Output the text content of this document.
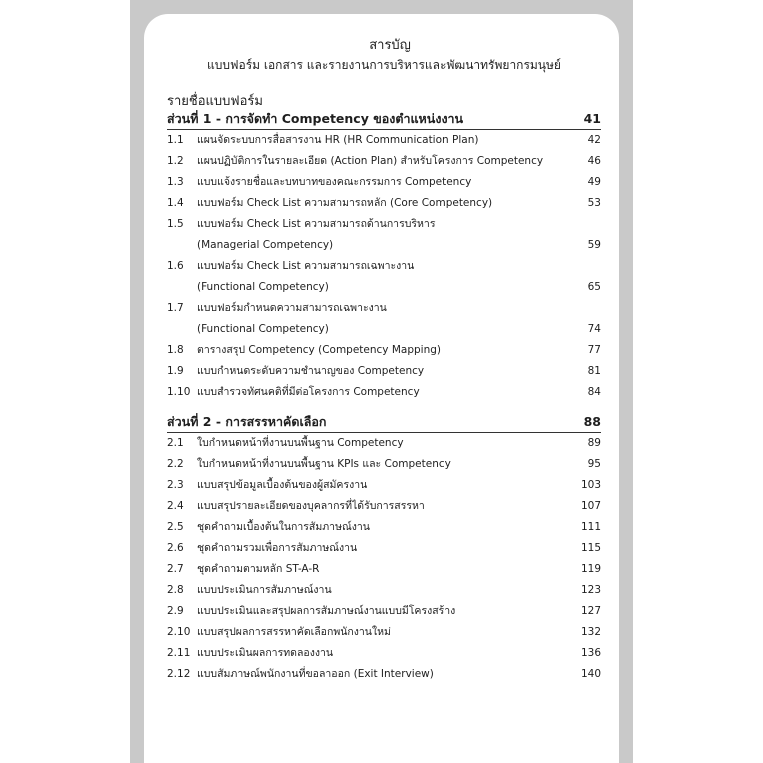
สารบัญ
แบบฟอร์ม เอกสาร และรายงานการบริหารและพัฒนาทรัพยากรมนุษย์
รายชื่อแบบฟอร์ม
ส่วนที่ 1 - การจัดทำ Competency ของตำแหน่งงาน	41
1.1	แผนจัดระบบการสื่อสารงาน HR (HR Communication Plan)	42
1.2	แผนปฏิบัติการในรายละเอียด (Action Plan) สำหรับโครงการ Competency	46
1.3	แบบแจ้งรายชื่อและบทบาทของคณะกรรมการ Competency	49
1.4	แบบฟอร์ม Check List ความสามารถหลัก (Core Competency)	53
1.5	แบบฟอร์ม Check List ความสามารถด้านการบริหาร
(Managerial Competency)	59
1.6	แบบฟอร์ม Check List ความสามารถเฉพาะงาน
(Functional Competency)	65
1.7	แบบฟอร์มกำหนดความสามารถเฉพาะงาน
(Functional Competency)	74
1.8	ตารางสรุป Competency (Competency Mapping)	77
1.9	แบบกำหนดระดับความชำนาญของ Competency	81
1.10 แบบสำรวจทัศนคติที่มีต่อโครงการ Competency	84
ส่วนที่ 2 - การสรรหาคัดเลือก	88
2.1	ใบกำหนดหน้าที่งานบนพื้นฐาน Competency	89
2.2	ใบกำหนดหน้าที่งานบนพื้นฐาน KPIs และ Competency	95
2.3	แบบสรุปข้อมูลเบื้องต้นของผู้สมัครงาน	103
2.4	แบบสรุปรายละเอียดของบุคลากรที่ได้รับการสรรหา	107
2.5	ชุดคำถามเบื้องต้นในการสัมภาษณ์งาน	111
2.6	ชุดคำถามรวมเพื่อการสัมภาษณ์งาน	115
2.7	ชุดคำถามตามหลัก ST-A-R	119
2.8	แบบประเมินการสัมภาษณ์งาน	123
2.9	แบบประเมินและสรุปผลการสัมภาษณ์งานแบบมีโครงสร้าง	127
2.10 แบบสรุปผลการสรรหาคัดเลือกพนักงานใหม่	132
2.11 แบบประเมินผลการทดลองงาน	136
2.12 แบบสัมภาษณ์พนักงานที่ขอลาออก (Exit Interview)	140
